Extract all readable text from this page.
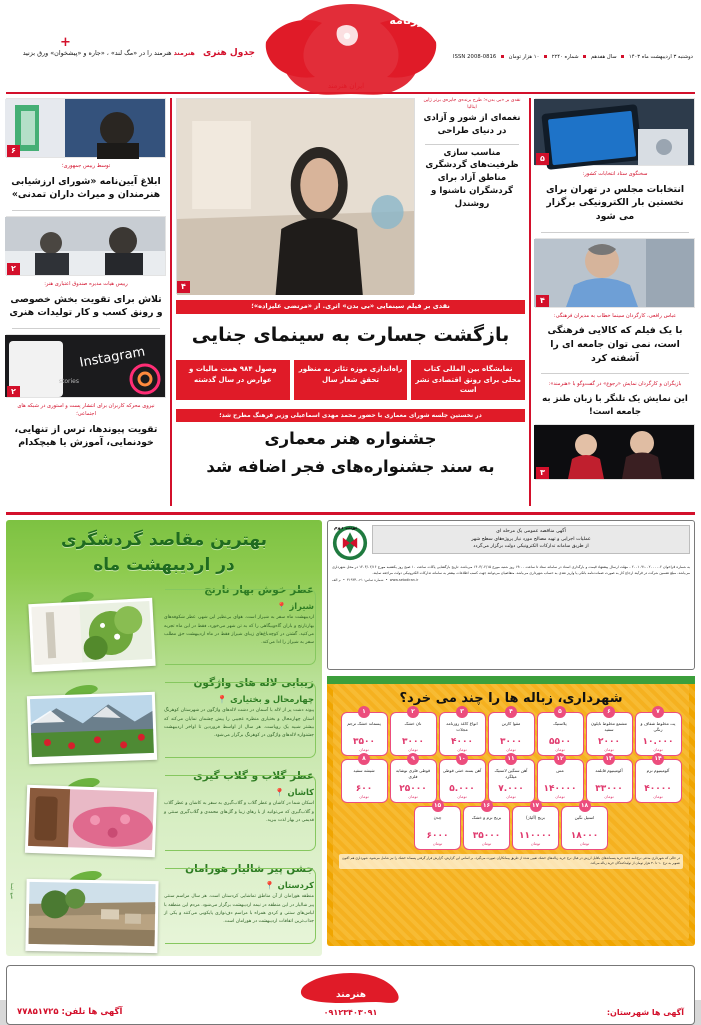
دوشنبه ۳ اردیبهشت ماه ۱۴۰۳  سال هفدهم  شماره ۲۲۴۰  ۱۰ هزار تومان  ISSN 2008-0816
+
جدول هنری    هنرمند هنرمند را در «مگ لند» ، «جاره و «پیشخوان» ورق بزنید
روزنامه
ایران هنرمند
۶
توسط رییس جمهوری؛
ابلاغ آیین‌نامه «شورای ارزشیابی هنرمندان و میراث داران تمدنی»
۲
رییس هیات مدیره صندوق اعتباری هنر:
تلاش برای تقویت بخش خصوصی و رونق کسب و کار تولیدات هنری
Instagram
stories
۲
نیروی محرکه کاربران برای انتشار پست و استوری در شبکه های اجتماعی؛
تقویت پیوندها، ترس از تنهایی، خودنمایی، آموزش یا هیچکدام
۴
نقدی بر «بی بدن»؛ طرح برنده‌ی جایزه‌ی برتر ژاپن ایتالیا
نغمه‌ای از شور و آزادی در دنیای طراحی
مناسب سازی ظرفیت‌های گردشگری مناطق آزاد برای گردشگران ناشنوا و روشندل
نقدی بر فیلم سینمایی «بی بدن» اثری. از «مرتضی علیزاده»؛
بازگشت جسارت به سینمای جنایی
وصول ۹۸۴ همت مالیات و عوارض در سال گذشته
راه‌اندازی موزه تئاتر به منظور تحقق شعار سال
نمایشگاه بین المللی کتاب محلی برای رونق اقتصادی نشر است
در نخستین جلسه شورای معماری با حضور محمد مهدی اسماعیلی وزیر فرهنگ مطرح شد؛
جشنواره هنر معماری
به سند جشنواره‌های فجر اضافه شد
۵
سخنگوی ستاد انتخابات کشور:
انتخابات مجلس در تهران برای نخستین بار الکترونیکی برگزار می شود
۴
عباس رافعی، کارگردان سینما خطاب به مدیران فرهنگی:
با یک فیلم که کالایی فرهنگی است، نمی توان جامعه ای را آشفته کرد
بازیگران و کارگردان نمایش «رجوع» در گفت‌وگو با «هنرمند»:
این نمایش یک تلنگر با زبان طنز به جامعه است!
۳
بهترین مقاصد گردشگری
در اردیبهشت ماه
عطر خوش بهار نارنج
شیراز 📍
اردیبهشت ماه سفر به شیراز است. هوای بی‌نظیر این شهر، عطر شکوفه‌های بهارنارنج و باران گاه‌وبیگاهی را که به تن شهر می‌خورد، فقط در این ماه تجربه می‌کنید. گشتن در کوچه‌باغ‌های زیبای شیراز فقط در ماه اردیبهشت حق مطلب سفر به شیراز را ادا می‌کند.
زیبایی لاله های واژگون
چهارمحال و بختیاری 📍
پیوند دشت پر از لاله با آسمان در دشت لاله‌های واژگون در شهرستان کوهرنگ استان چهارمحال و بختیاری منظره عجیبی را پیش چشمان نمایان می‌کند که بیشتر شبیه یک رویاست. هر سال از اواسط فروردین تا اواخر اردیبهشت جشنواره لاله‌های واژگون در کوهرنگ برگزار می‌شود.
عطر گلاب و گلاب گیری
کاشان 📍
اسکان شما در کاشان و عطر گلاب و گلاب‌گیری به سفر به کاشان و عطر گلاب و گلاب‌گیری که می‌توانید از با رهای زیبا و گل‌های محمدی و گلاب‌گیری سنتی و قدیمی در بهار لذت ببرید.
جشن پیر شالیار هورامان
کردستان 📍
منطقه هورامان از آن مناطق تماشایی کردستان است. هر سال مراسم سنتی پیر شالیار در این منطقه در نیمه اردیبهشت برگزار می‌شود. مردم این منطقه با لباس‌های سنتی و کردی همراه با مراسم دف‌نوازی پایکوبی می‌کنند و یکی از جذاب‌ترین اتفاقات اردیبهشت در هورامان است.
منبع: ایسنا
نوبت دوم
آگهی مناقصه عمومی یک مرحله ای
عملیات اجرایی و تهیه مصالح مورد نیاز پروژه‌های سطح شهر
از طریق سامانه تدارکات الکترونیکی دولت برگزار می‌گردد
به شماره فراخوان ۲۰۰۱۰۹۱۰۰۲۰۰۰۰۰۲ - مهلت ارسال پیشنهاد قیمت و بارگذاری اسناد در سامانه ستاد تا ساعت ۱۹:۰۰ روز شنبه مورخ ۱۴۰۳/۰۲/۱۵ می‌باشد. تاریخ بازگشایی پاکات ساعت ۱۰ صبح روز یکشنبه مورخ ۱۴۰۳/۰۲/۱۶ در محل شهرداری می‌باشد. مبلغ تضمین شرکت در فرآیند ارجاع کار به صورت ضمانت‌نامه بانکی یا واریز نقدی به حساب شهرداری می‌باشد. متقاضیان می‌توانند جهت کسب اطلاعات بیشتر به سامانه تدارکات الکترونیکی دولت مراجعه نمایند.
www.setadiran.ir  •  شماره تماس: ۰۲۱-۴۱۹۳۴  •  م الف
شهرداری، زباله ها را چند می خرد؟
۱
پسماند خشک ترجم
۳۵۰۰
تومان
۲
نان خشک
۳۰۰۰
تومان
۳
انواع کاغذ روزنامه مجلات
۴۰۰۰
تومان
۴
مقوا کارتن
۳۰۰۰
تومان
۵
پلاستیک
۵۵۰۰
تومان
۶
مشمع مخلوط نایلون سفید
۲۰۰۰
تومان
۷
پت مخلوط شفاف و رنگی
۱۰.۰۰۰
تومان
۸
شیشه سفید
۶۰۰
تومان
۹
قوطی فلزی نوشابه فلزی
۲۵۰۰۰
تومان
۱۰
آهن بسته خنثی قوطی
۵.۰۰۰
تومان
۱۱
آهن سنگین لاستیک میلگرد
۷.۰۰۰
تومان
۱۲
مس
۱۴۰۰۰۰
تومان
۱۳
آلومینیوم قابلمه
۳۳۰۰۰
تومان
۱۴
آلومینیوم نرم
۴۰۰۰۰
تومان
۱۵
چدن
۶۰۰۰
تومان
۱۶
برنج نرم و خشک
۳۵۰۰۰
تومان
۱۷
برنج (آلیاژ)
۱۱۰۰۰۰
تومان
۱۸
استیل نگین
۱۸۰۰۰
تومان
در حالی که شهرداری مدعی نرخ‌نامه جدید خرید پسماندهای باقابل ارزش در قبال نرخ‌ خرید زباله‌های خشک تعیین شده از طریق پیمانکاران صورت می‌گیرد، بر اساس این گزارش، گزارش قرار گرفتن پسماند خشک را نیز شامل می‌شود. شهرداری هم اکنون تصویر به نرخ ۱۰ تا ۳۰ هزار تومان از تولیدکنندگان خرید زباله می‌کند.
هنرمند
آگهی ها شهرستان:
۰۹۱۲۳۴۰۳۰۹۱
آگهی ها تلفن: ۷۷۸۵۱۷۲۵
